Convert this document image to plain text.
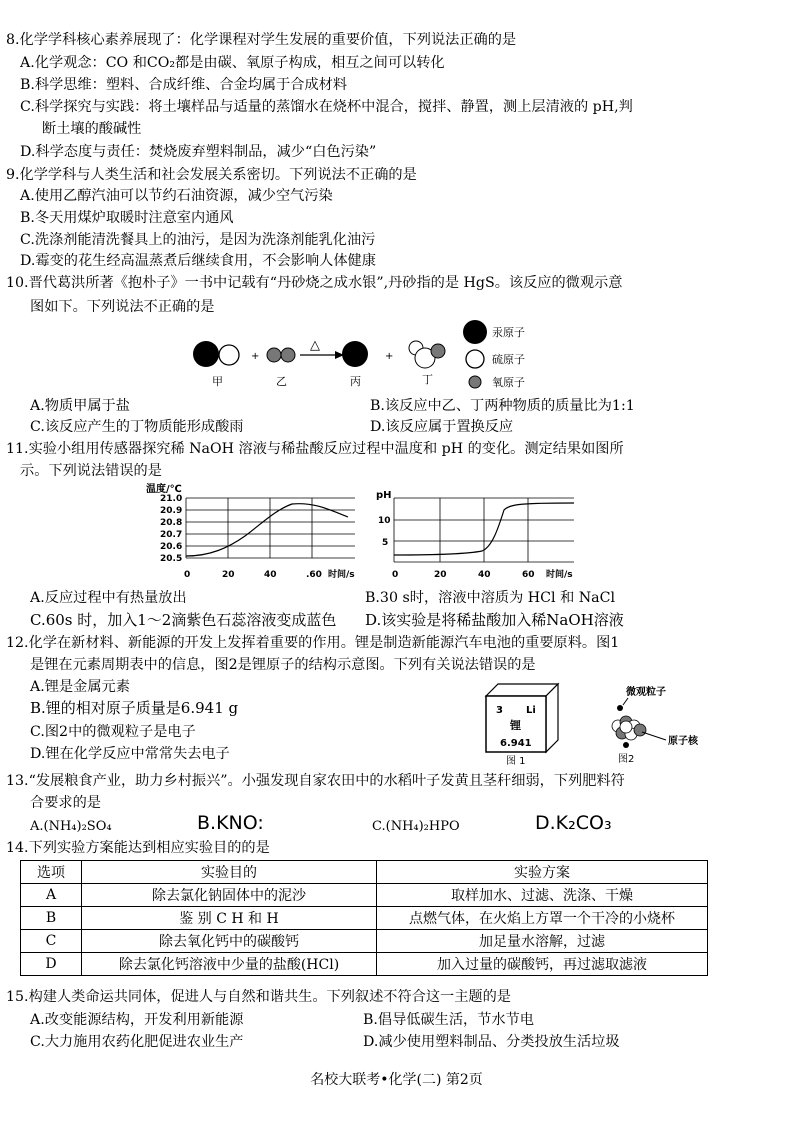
8.化学学科核心素养展现了：化学课程对学生发展的重要价值，下列说法正确的是
A.化学观念：CO 和CO₂都是由碳、氧原子构成，相互之间可以转化
B.科学思维：塑料、合成纤维、合金均属于合成材料
C.科学探究与实践：将土壤样品与适量的蒸馏水在烧杯中混合，搅拌、静置，测上层清液的 pH,判
断土壤的酸碱性
D.科学态度与责任：焚烧废弃塑料制品，减少“白色污染”
9.化学学科与人类生活和社会发展关系密切。下列说法不正确的是
A.使用乙醇汽油可以节约石油资源，减少空气污染
B.冬天用煤炉取暖时注意室内通风
C.洗涤剂能清洗餐具上的油污，是因为洗涤剂能乳化油污
D.霉变的花生经高温蒸煮后继续食用，不会影响人体健康
10.晋代葛洪所著《抱朴子》一书中记载有“丹砂烧之成水银”,丹砂指的是 HgS。该反应的微观示意
图如下。下列说法不正确的是
+
△
+
甲	乙	丙	丁
汞原子
硫原子
氧原子
A.物质甲属于盐	B.该反应中乙、丁两种物质的质量比为1:1
C.该反应产生的丁物质能形成酸雨	D.该反应属于置换反应
11.实验小组用传感器探究稀 NaOH 溶液与稀盐酸反应过程中温度和 pH 的变化。测定结果如图所
示。下列说法错误的是
温度/℃
21.0
20.9
20.8
20.7
20.6
20.5
0	20	40	.60 时间/s
pH
10
5
0	20	40	60 时间/s
A.反应过程中有热量放出	B.30 s时，溶液中溶质为 HCl 和 NaCl
C.60s 时，加入1～2滴紫色石蕊溶液变成蓝色 D.该实验是将稀盐酸加入稀NaOH溶液
12.化学在新材料、新能源的开发上发挥着重要的作用。锂是制造新能源汽车电池的重要原料。图1
是锂在元素周期表中的信息，图2是锂原子的结构示意图。下列有关说法错误的是
A.锂是金属元素
B.锂的相对原子质量是6.941 g
C.图2中的微观粒子是电子
D.锂在化学反应中常常失去电子
3 Li
锂
6.941
图 1
微观粒子
原子核
图2
13.“发展粮食产业，助力乡村振兴”。小强发现自家农田中的水稻叶子发黄且茎秆细弱，下列肥料符
合要求的是
A.(NH₄)₂SO₄	B.KNO:	C.(NH₄)₂HPO	D.K₂CO₃
14.下列实验方案能达到相应实验目的的是
选项	实验目的	实验方案
A	除去氯化钠固体中的泥沙	取样加水、过滤、洗涤、干燥
B	鉴 别 C H 和 H	点燃气体，在火焰上方罩一个干冷的小烧杯
C	除去氧化钙中的碳酸钙	加足量水溶解，过滤
D	除去氯化钙溶液中少量的盐酸(HCl)	加入过量的碳酸钙，再过滤取滤液
15.构建人类命运共同体，促进人与自然和谐共生。下列叙述不符合这一主题的是
A.改变能源结构，开发利用新能源	B.倡导低碳生活，节水节电
C.大力施用农药化肥促进农业生产	D.减少使用塑料制品、分类投放生活垃圾
名校大联考•化学(二) 第2页
